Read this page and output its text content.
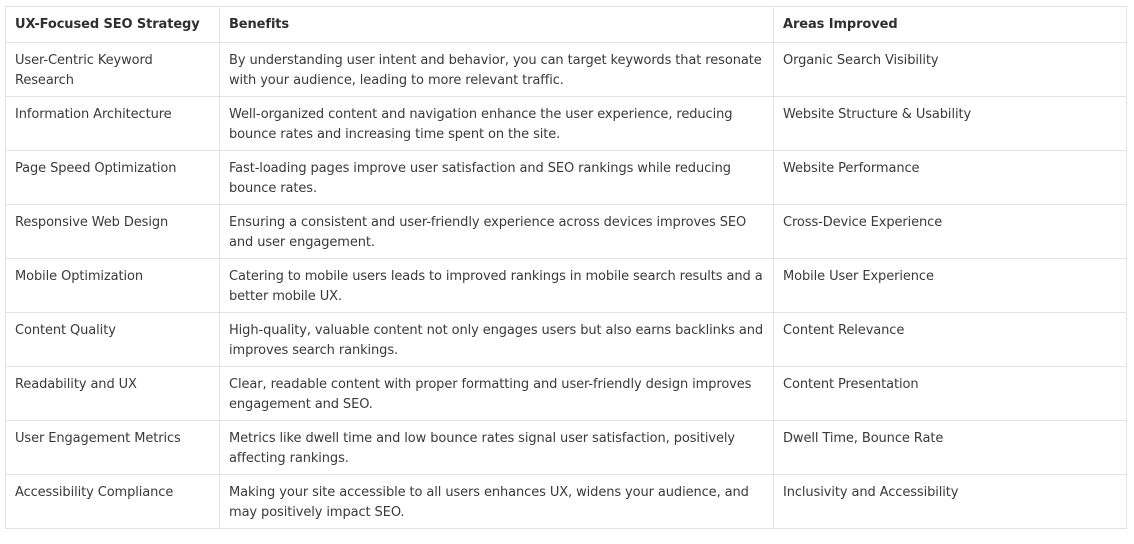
UX-Focused SEO Strategy	Benefits	Areas Improved
User-Centric Keyword Research	By understanding user intent and behavior, you can target keywords that resonate with your audience, leading to more relevant traffic.	Organic Search Visibility
Information Architecture	Well-organized content and navigation enhance the user experience, reducing bounce rates and increasing time spent on the site.	Website Structure & Usability
Page Speed Optimization	Fast-loading pages improve user satisfaction and SEO rankings while reducing bounce rates.	Website Performance
Responsive Web Design	Ensuring a consistent and user-friendly experience across devices improves SEO and user engagement.	Cross-Device Experience
Mobile Optimization	Catering to mobile users leads to improved rankings in mobile search results and a better mobile UX.	Mobile User Experience
Content Quality	High-quality, valuable content not only engages users but also earns backlinks and improves search rankings.	Content Relevance
Readability and UX	Clear, readable content with proper formatting and user-friendly design improves engagement and SEO.	Content Presentation
User Engagement Metrics	Metrics like dwell time and low bounce rates signal user satisfaction, positively affecting rankings.	Dwell Time, Bounce Rate
Accessibility Compliance	Making your site accessible to all users enhances UX, widens your audience, and may positively impact SEO.	Inclusivity and Accessibility
